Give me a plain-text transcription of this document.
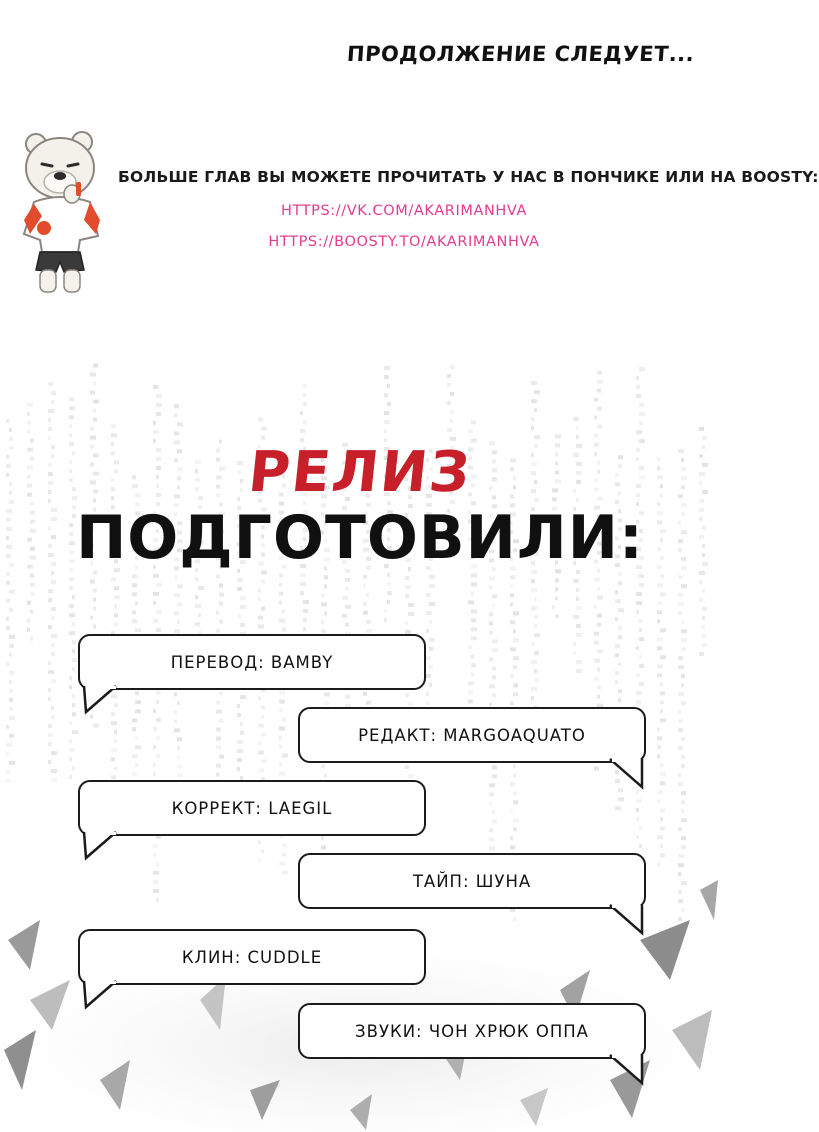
ПРОДОЛЖЕНИЕ СЛЕДУЕТ...
БОЛЬШЕ ГЛАВ ВЫ МОЖЕТЕ ПРОЧИТАТЬ У НАС В ПОНЧИКЕ ИЛИ НА BOOSTY:
HTTPS://VK.COM/AKARIMANHVA
HTTPS://BOOSTY.TO/AKARIMANHVA
РЕЛИЗ
ПОДГОТОВИЛИ:
ПЕРЕВОД: BAMBY
РЕДАКТ: MARGOAQUATO
КОРРЕКТ: LAEGIL
ТАЙП: ШУНА
КЛИН: CUDDLE
ЗВУКИ: ЧОН ХРЮК ОППА
